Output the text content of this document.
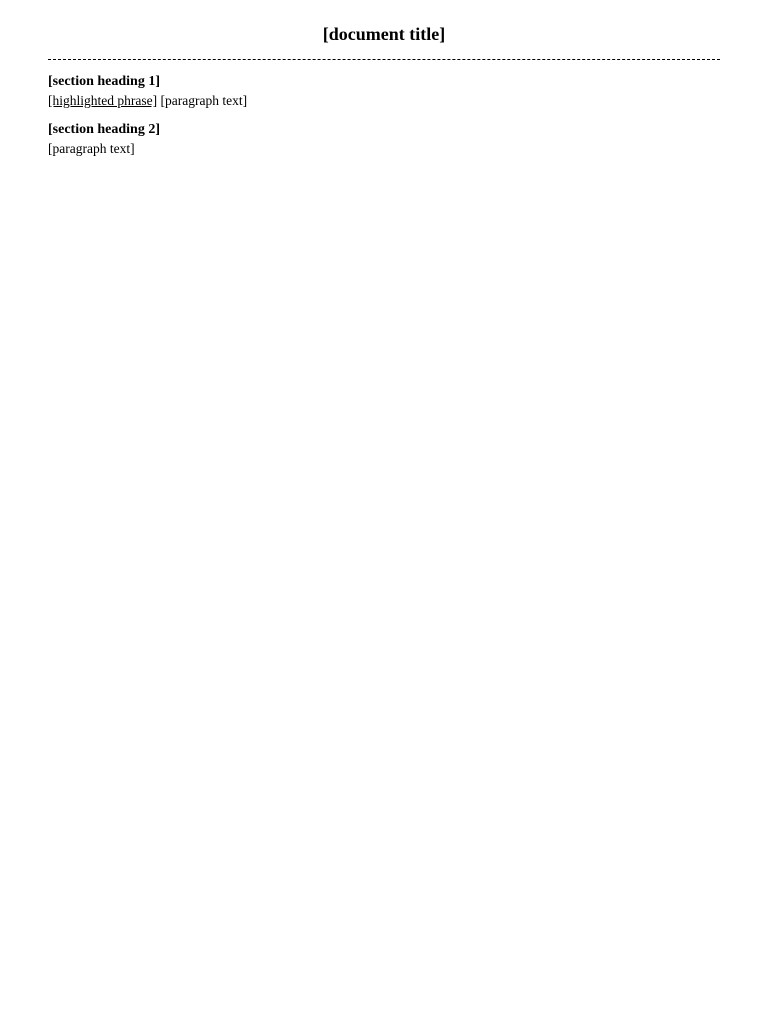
[document title]
[section heading 1]

[highlighted phrase] [paragraph text]

[section heading 2]

[paragraph text]
